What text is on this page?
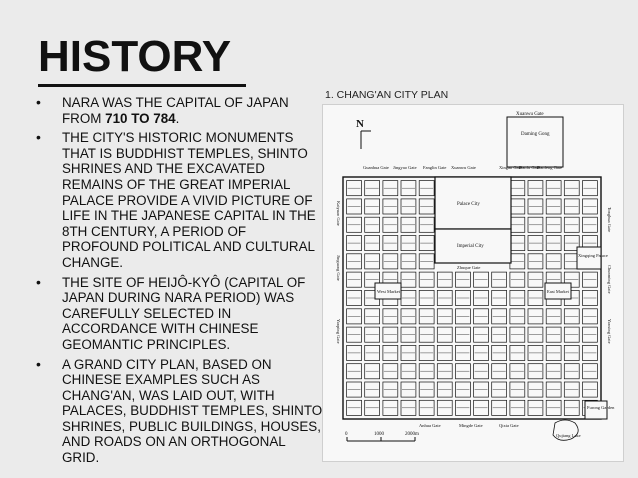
HISTORY
• NARA WAS THE CAPITAL OF JAPAN FROM 710 TO 784.
• THE CITY'S HISTORIC MONUMENTS THAT IS BUDDHIST TEMPLES, SHINTO SHRINES AND THE EXCAVATED REMAINS OF THE GREAT IMPERIAL PALACE PROVIDE A VIVID PICTURE OF LIFE IN THE JAPANESE CAPITAL IN THE 8TH CENTURY, A PERIOD OF PROFOUND POLITICAL AND CULTURAL CHANGE.
• THE SITE OF HEIJÔ-KYÔ (CAPITAL OF JAPAN DURING NARA PERIOD) WAS CAREFULLY SELECTED IN ACCORDANCE WITH CHINESE GEOMANTIC PRINCIPLES.
• A GRAND CITY PLAN, BASED ON CHINESE EXAMPLES SUCH AS CHANG'AN, WAS LAID OUT, WITH PALACES, BUDDHIST TEMPLES, SHINTO SHRINES, PUBLIC BUILDINGS, HOUSES, AND ROADS ON AN ORTHOGONAL GRID.
1. CHANG'AN CITY PLAN
N
Xuanwu Gate
Daming Gong
Guanhua Gate Jingyao Gate Fanglin Gate Xuanwu Gate	Xingan Gate
Danfu Gate
Danfeng Gate
Palace City
Imperial City
Zhuque Gate
West Market	East Market
Xingqing Palace
Kaiyuan Gate
Jinguang Gate
Yanping Gate
Tonghua Gate
Chunming Gate
Yanxing Gate
Anhua Gate	Mingde Gate	Qixia Gate
Furong Garden
Qujiang Lake
0	1000	2000m
